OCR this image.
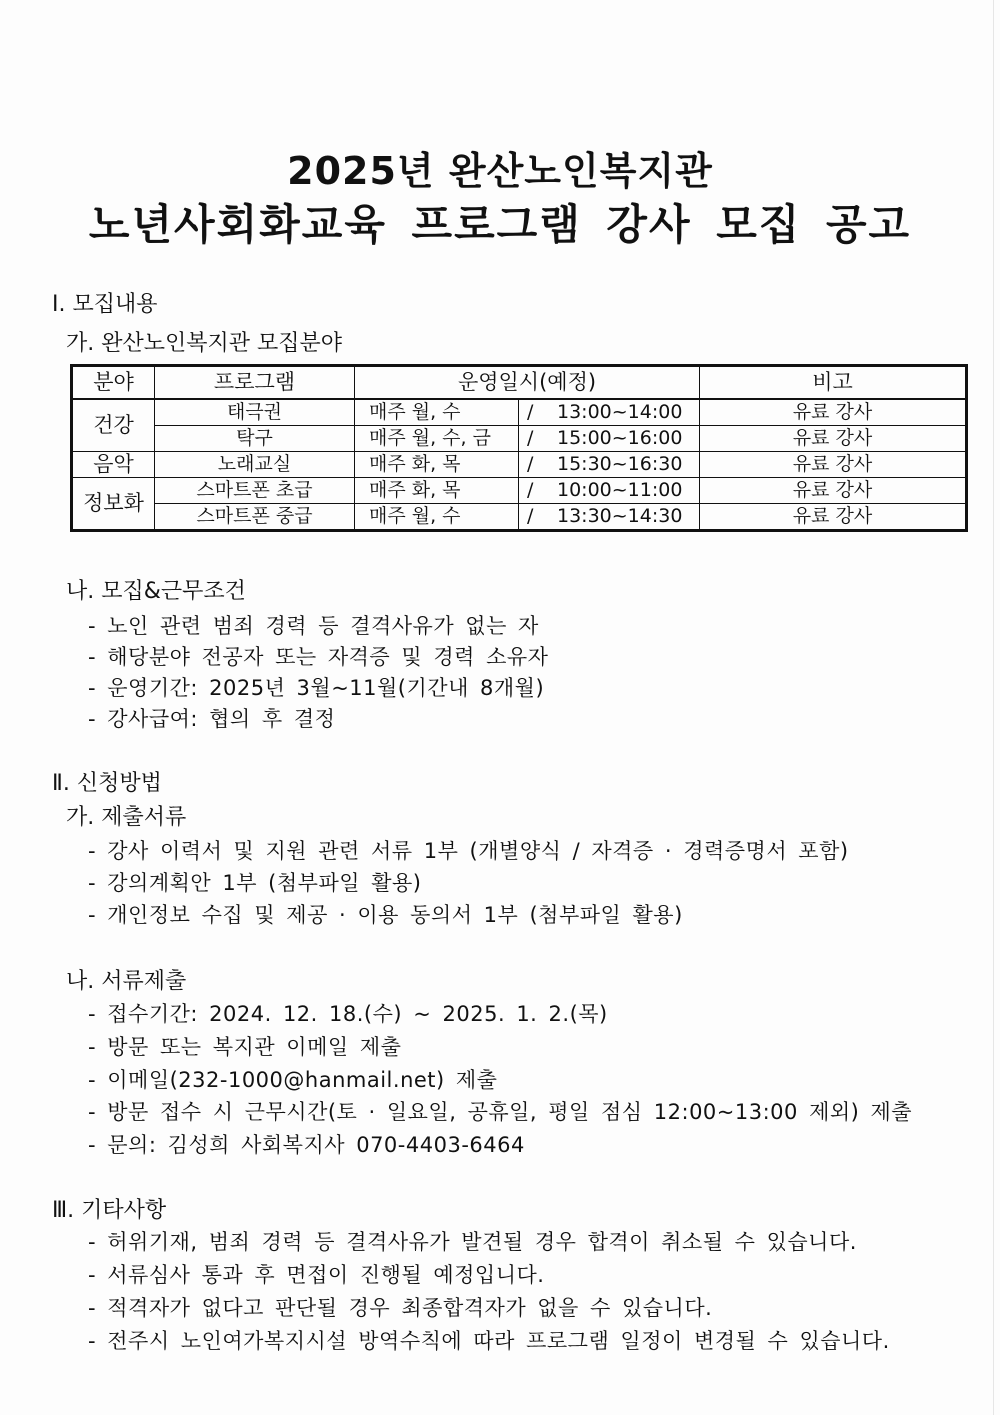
2025년 완산노인복지관
노년사회화교육 프로그램 강사 모집 공고
Ⅰ. 모집내용
가. 완산노인복지관 모집분야
분야	프로그램	운영일시(예정)		비고
건강	태극권	매주 월, 수	/ 13:00~14:00	유료 강사
	탁구	매주 월, 수, 금	/ 15:00~16:00	유료 강사
음악	노래교실	매주 화, 목	/ 15:30~16:30	유료 강사
정보화	스마트폰 초급	매주 화, 목	/ 10:00~11:00	유료 강사
	스마트폰 중급	매주 월, 수	/ 13:30~14:30	유료 강사
나. 모집&근무조건
- 노인 관련 범죄 경력 등 결격사유가 없는 자
- 해당분야 전공자 또는 자격증 및 경력 소유자
- 운영기간: 2025년 3월~11월(기간내 8개월)
- 강사급여: 협의 후 결정
Ⅱ. 신청방법
가. 제출서류
- 강사 이력서 및 지원 관련 서류 1부 (개별양식 / 자격증 · 경력증명서 포함)
- 강의계획안 1부 (첨부파일 활용)
- 개인정보 수집 및 제공 · 이용 동의서 1부 (첨부파일 활용)
나. 서류제출
- 접수기간: 2024. 12. 18.(수) ~ 2025. 1. 2.(목)
- 방문 또는 복지관 이메일 제출
- 이메일(232-1000@hanmail.net) 제출
- 방문 접수 시 근무시간(토 · 일요일, 공휴일, 평일 점심 12:00~13:00 제외) 제출
- 문의: 김성희 사회복지사 070-4403-6464
Ⅲ. 기타사항
- 허위기재, 범죄 경력 등 결격사유가 발견될 경우 합격이 취소될 수 있습니다.
- 서류심사 통과 후 면접이 진행될 예정입니다.
- 적격자가 없다고 판단될 경우 최종합격자가 없을 수 있습니다.
- 전주시 노인여가복지시설 방역수칙에 따라 프로그램 일정이 변경될 수 있습니다.
